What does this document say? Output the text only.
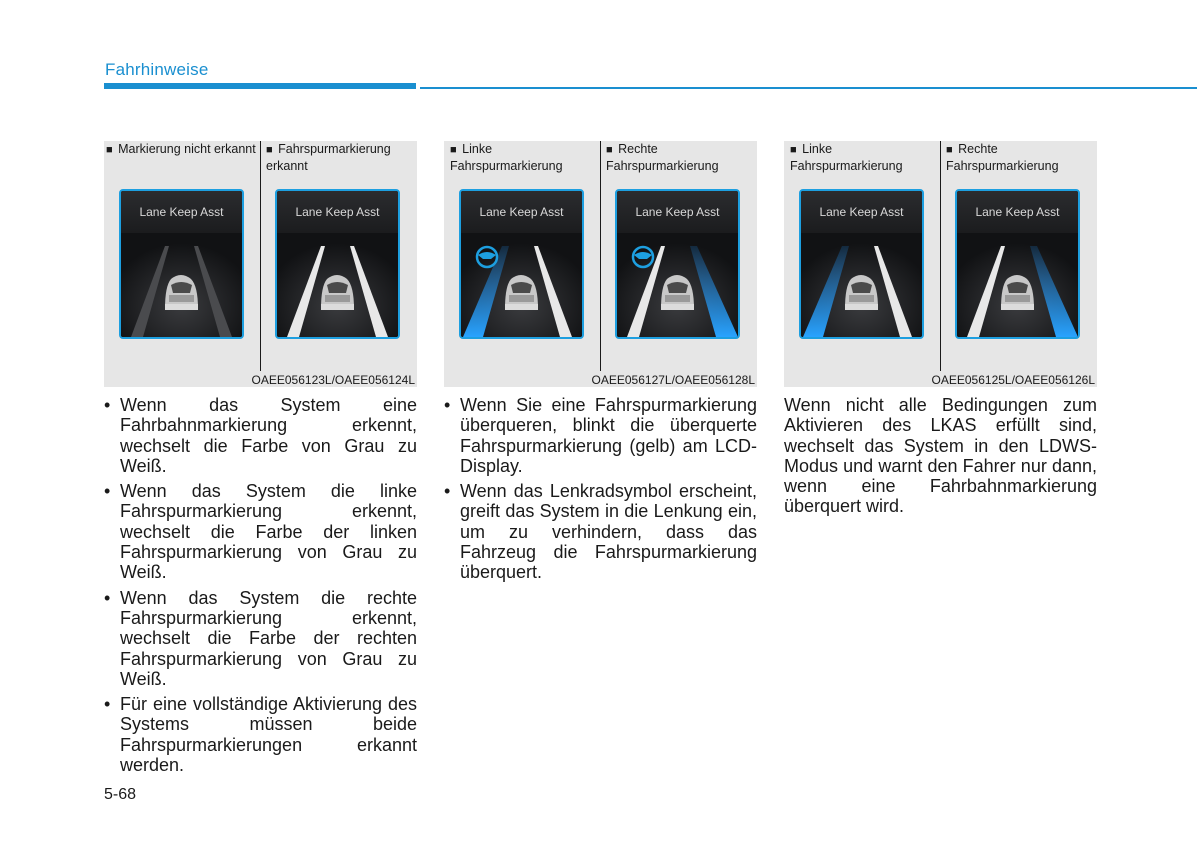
Fahrhinweise
■ Markierung nicht erkannt ■ Fahrspurmarkierung erkannt
Lane Keep Asst	Lane Keep Asst
OAEE056123L/OAEE056124L
■ Linke Fahrspurmarkierung
■ Rechte Fahrspurmarkierung
Lane Keep Asst	Lane Keep Asst
OAEE056127L/OAEE056128L
■ Linke Fahrspurmarkierung
■ Rechte Fahrspurmarkierung
Lane Keep Asst	Lane Keep Asst
OAEE056125L/OAEE056126L
• Wenn das System eine Fahrbahnmarkierung erkennt, wechselt die Farbe von Grau zu Weiß.
• Wenn das System die linke Fahrspurmarkierung erkennt, wechselt die Farbe der linken Fahrspurmarkierung von Grau zu Weiß.
• Wenn das System die rechte Fahrspurmarkierung erkennt, wechselt die Farbe der rechten Fahrspurmarkierung von Grau zu Weiß.
• Für eine vollständige Aktivierung des Systems müssen beide Fahrspurmarkierungen erkannt werden.
• Wenn Sie eine Fahrspurmarkierung überqueren, blinkt die überquerte Fahrspurmarkierung (gelb) am LCD-Display.
• Wenn das Lenkradsymbol erscheint, greift das System in die Lenkung ein, um zu verhindern, dass das Fahrzeug die Fahrspurmarkierung überquert.

Wenn nicht alle Bedingungen zum Aktivieren des LKAS erfüllt sind, wechselt das System in den LDWS-Modus und warnt den Fahrer nur dann, wenn eine Fahrbahnmarkierung überquert wird.

5-68
